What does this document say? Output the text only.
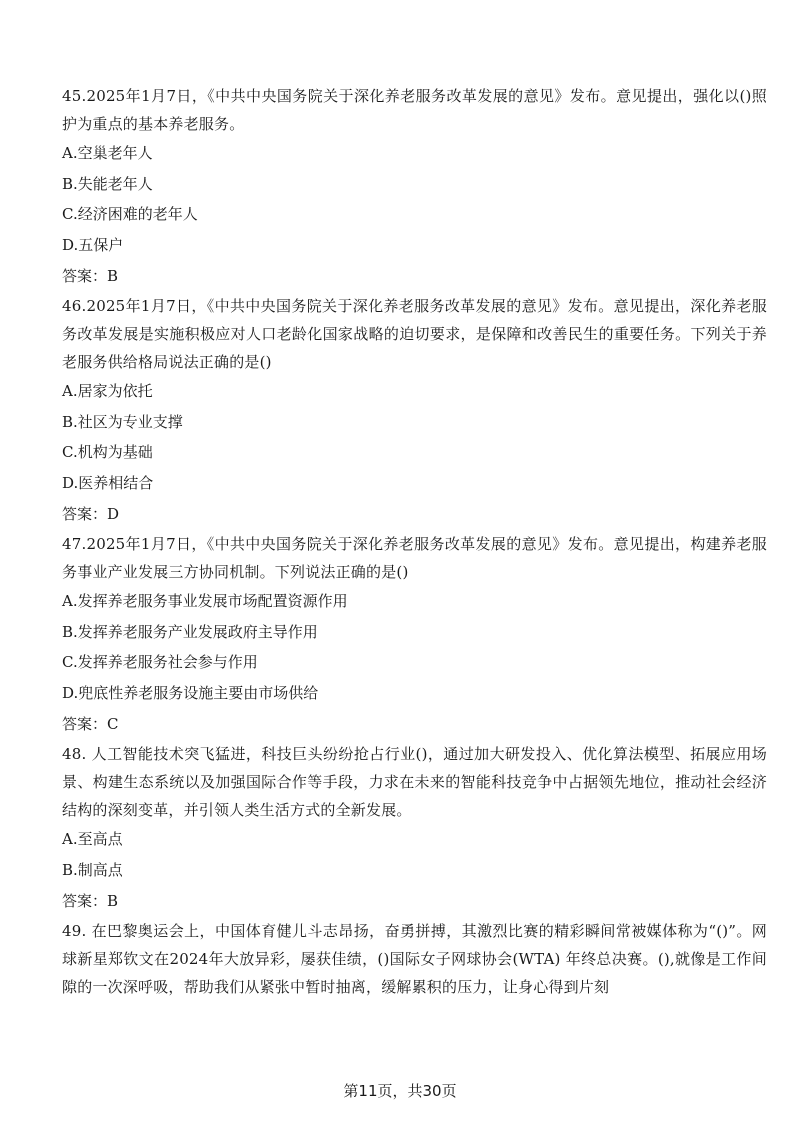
45.2025年1月7日，《中共中央国务院关于深化养老服务改革发展的意见》发布。意见提出，强化以()照护为重点的基本养老服务。

A.空巢老年人

B.失能老年人

C.经济困难的老年人

D.五保户

答案：B

46.2025年1月7日，《中共中央国务院关于深化养老服务改革发展的意见》发布。意见提出，深化养老服务改革发展是实施积极应对人口老龄化国家战略的迫切要求，是保障和改善民生的重要任务。下列关于养老服务供给格局说法正确的是()

A.居家为依托

B.社区为专业支撑

C.机构为基础

D.医养相结合

答案：D

47.2025年1月7日，《中共中央国务院关于深化养老服务改革发展的意见》发布。意见提出，构建养老服务事业产业发展三方协同机制。下列说法正确的是()

A.发挥养老服务事业发展市场配置资源作用

B.发挥养老服务产业发展政府主导作用

C.发挥养老服务社会参与作用

D.兜底性养老服务设施主要由市场供给

答案：C

48. 人工智能技术突飞猛进，科技巨头纷纷抢占行业()，通过加大研发投入、优化算法模型、拓展应用场景、构建生态系统以及加强国际合作等手段，力求在未来的智能科技竞争中占据领先地位，推动社会经济结构的深刻变革，并引领人类生活方式的全新发展。

A.至高点

B.制高点

答案：B

49. 在巴黎奥运会上，中国体育健儿斗志昂扬，奋勇拼搏，其激烈比赛的精彩瞬间常被媒体称为“()”。网球新星郑钦文在2024年大放异彩，屡获佳绩，()国际女子网球协会(WTA) 年终总决赛。(),就像是工作间隙的一次深呼吸，帮助我们从紧张中暂时抽离，缓解累积的压力，让身心得到片刻

第11页，共30页
